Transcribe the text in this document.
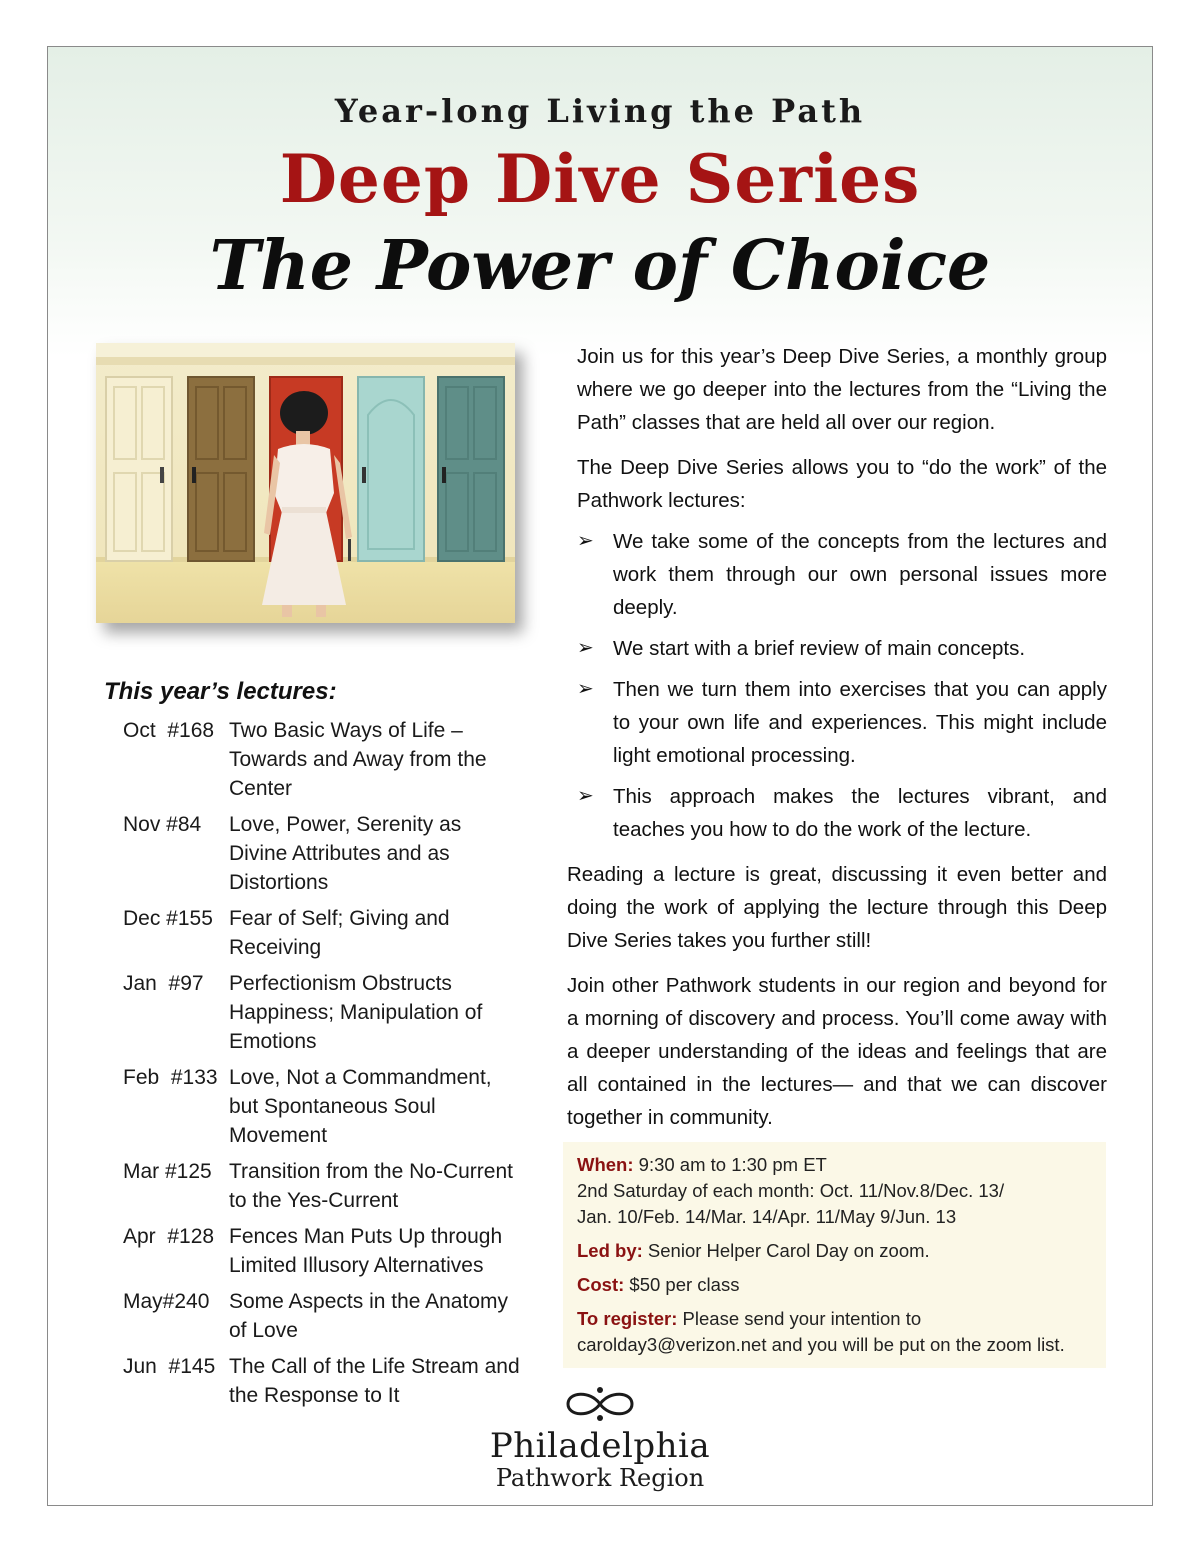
Year-long Living the Path
Deep Dive Series
The Power of Choice
This year’s lectures:
Oct  #168 Two Basic Ways of Life – Towards and Away from the Center
Nov #84	Love, Power, Serenity as Divine Attributes and as Distortions
Dec #155 Fear of Self; Giving and Receiving
Jan  #97	Perfectionism Obstructs Happiness; Manipulation of Emotions
Feb  #133 Love, Not a Commandment, but Spontaneous Soul Movement
Mar #125 Transition from the No-Current to the Yes-Current
Apr  #128 Fences Man Puts Up through Limited Illusory Alternatives
May#240 Some Aspects in the Anatomy of Love
Jun  #145 The Call of the Life Stream and the Response to It

Join us for this year’s Deep Dive Series, a monthly group where we go deeper into the lectures from the “Living the Path” classes that are held all over our region.

The Deep Dive Series allows you to “do the work” of the Pathwork lectures:

➢ We take some of the concepts from the lectures and work them through our own personal issues more deeply.
➢ We start with a brief review of main concepts.
➢ Then we turn them into exercises that you can apply to your own life and experiences. This might include light emotional processing.
➢ This approach makes the lectures vibrant, and teaches you how to do the work of the lecture.

Reading a lecture is great, discussing it even better and doing the work of applying the lecture through this Deep Dive Series takes you further still!

Join other Pathwork students in our region and beyond for a morning of discovery and process. You’ll come away with a deeper understanding of the ideas and feelings that are all contained in the lectures— and that we can discover together in community.

When: 9:30 am to 1:30 pm ET
2nd Saturday of each month: Oct. 11/Nov.8/Dec. 13/
Jan. 10/Feb. 14/Mar. 14/Apr. 11/May 9/Jun. 13
Led by: Senior Helper Carol Day on zoom.
Cost: $50 per class
To register: Please send your intention to
carolday3@verizon.net and you will be put on the zoom list.
Philadelphia
Pathwork Region
